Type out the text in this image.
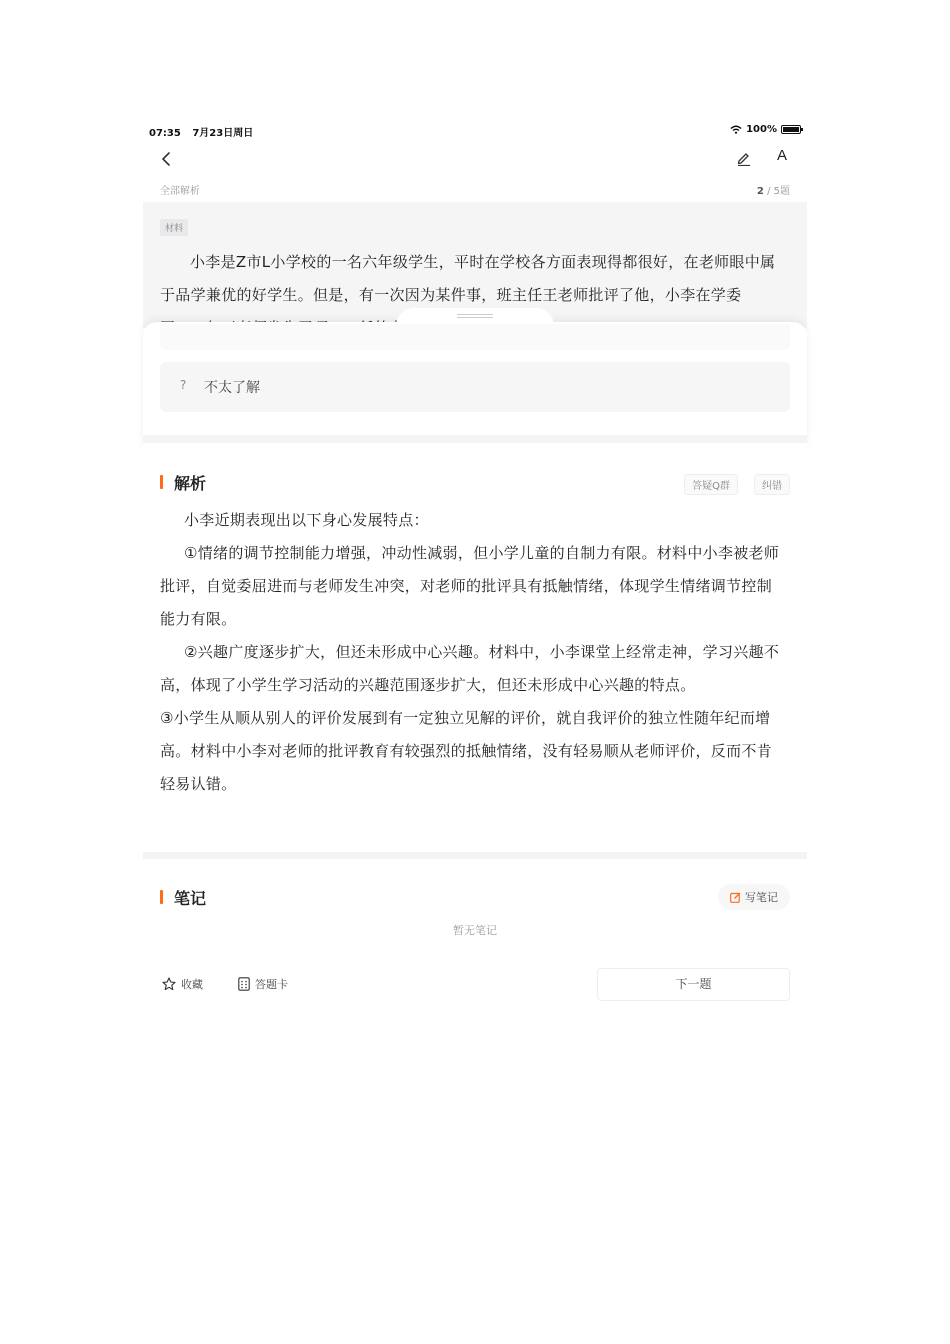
07:35 7月23日周日	100%
A
全部解析	2 / 5题
材料

小李是Z市L小学校的一名六年级学生，平时在学校各方面表现得都很好，在老师眼中属于品学兼优的好学生。但是，有一次因为某件事，班主任王老师批评了他，小李在学委

? 不太了解
解析	答疑Q群	纠错

小李近期表现出以下身心发展特点：

①情绪的调节控制能力增强，冲动性减弱，但小学儿童的自制力有限。材料中小李被老师批评，自觉委屈进而与老师发生冲突，对老师的批评具有抵触情绪，体现学生情绪调节控制能力有限。

②兴趣广度逐步扩大，但还未形成中心兴趣。材料中，小李课堂上经常走神，学习兴趣不高，体现了小学生学习活动的兴趣范围逐步扩大，但还未形成中心兴趣的特点。

③小学生从顺从别人的评价发展到有一定独立见解的评价，就自我评价的独立性随年纪而增高。材料中小李对老师的批评教育有较强烈的抵触情绪，没有轻易顺从老师评价，反而不肯轻易认错。

笔记	写笔记
暂无笔记
收藏	答题卡	下一题
